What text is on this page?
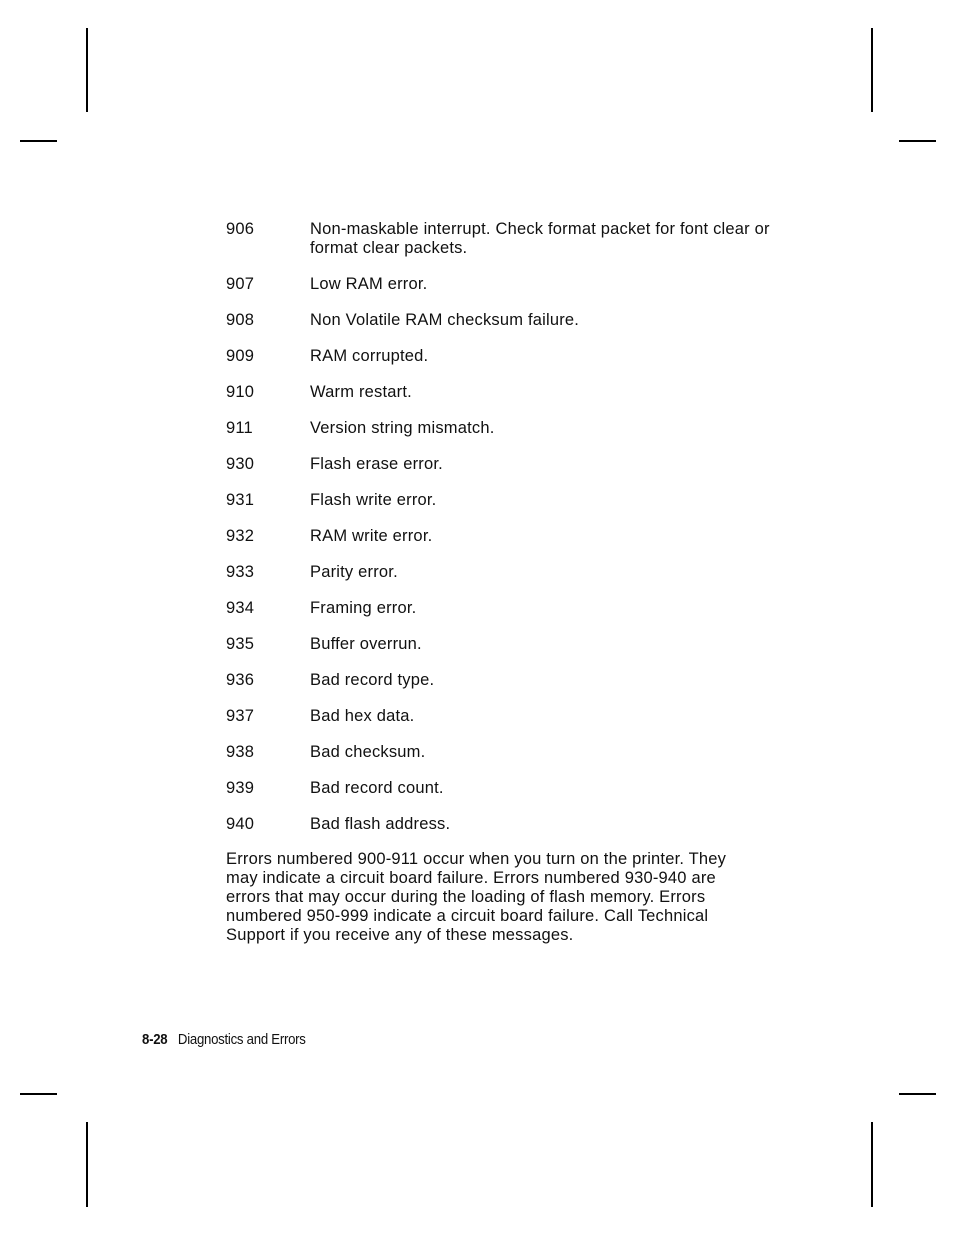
906	Non-maskable interrupt. Check format packet for font clear or format clear packets.
907	Low RAM error.
908	Non Volatile RAM checksum failure.
909	RAM corrupted.
910	Warm restart.
911	Version string mismatch.
930	Flash erase error.
931	Flash write error.
932	RAM write error.
933	Parity error.
934	Framing error.
935	Buffer overrun.
936	Bad record type.
937	Bad hex data.
938	Bad checksum.
939	Bad record count.
940	Bad flash address.
Errors numbered 900-911 occur when you turn on the printer. They may indicate a circuit board failure. Errors numbered 930-940 are errors that may occur during the loading of flash memory. Errors numbered 950-999 indicate a circuit board failure. Call Technical Support if you receive any of these messages.
8-28 Diagnostics and Errors
